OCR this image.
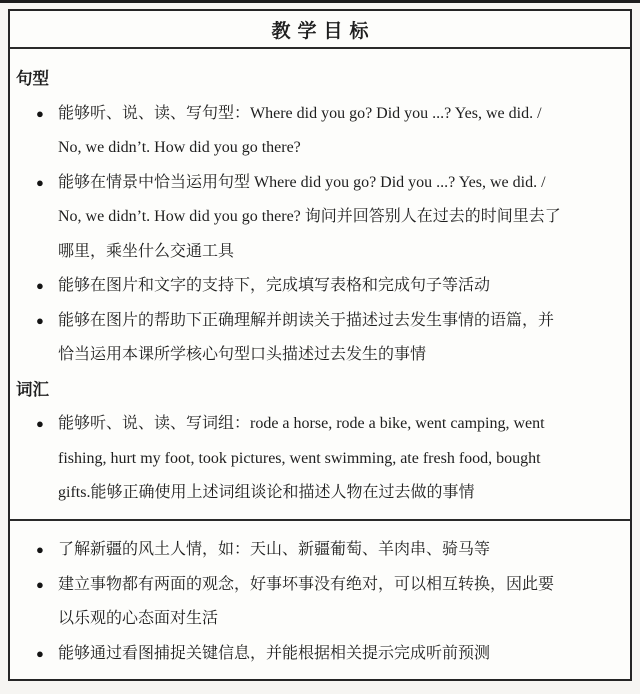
教学目标
句型
● 能够听、说、读、写句型：Where did you go? Did you ...? Yes, we did. /
No, we didn’t. How did you go there?
● 能够在情景中恰当运用句型 Where did you go? Did you ...? Yes, we did. /
No, we didn’t. How did you go there? 询问并回答别人在过去的时间里去了
哪里，乘坐什么交通工具
● 能够在图片和文字的支持下，完成填写表格和完成句子等活动
● 能够在图片的帮助下正确理解并朗读关于描述过去发生事情的语篇，并
恰当运用本课所学核心句型口头描述过去发生的事情
词汇
● 能够听、说、读、写词组：rode a horse, rode a bike, went camping, went
fishing, hurt my foot, took pictures, went swimming, ate fresh food, bought
gifts.能够正确使用上述词组谈论和描述人物在过去做的事情
● 了解新疆的风土人情，如：天山、新疆葡萄、羊肉串、骑马等
● 建立事物都有两面的观念，好事坏事没有绝对，可以相互转换，因此要
以乐观的心态面对生活
● 能够通过看图捕捉关键信息，并能根据相关提示完成听前预测
